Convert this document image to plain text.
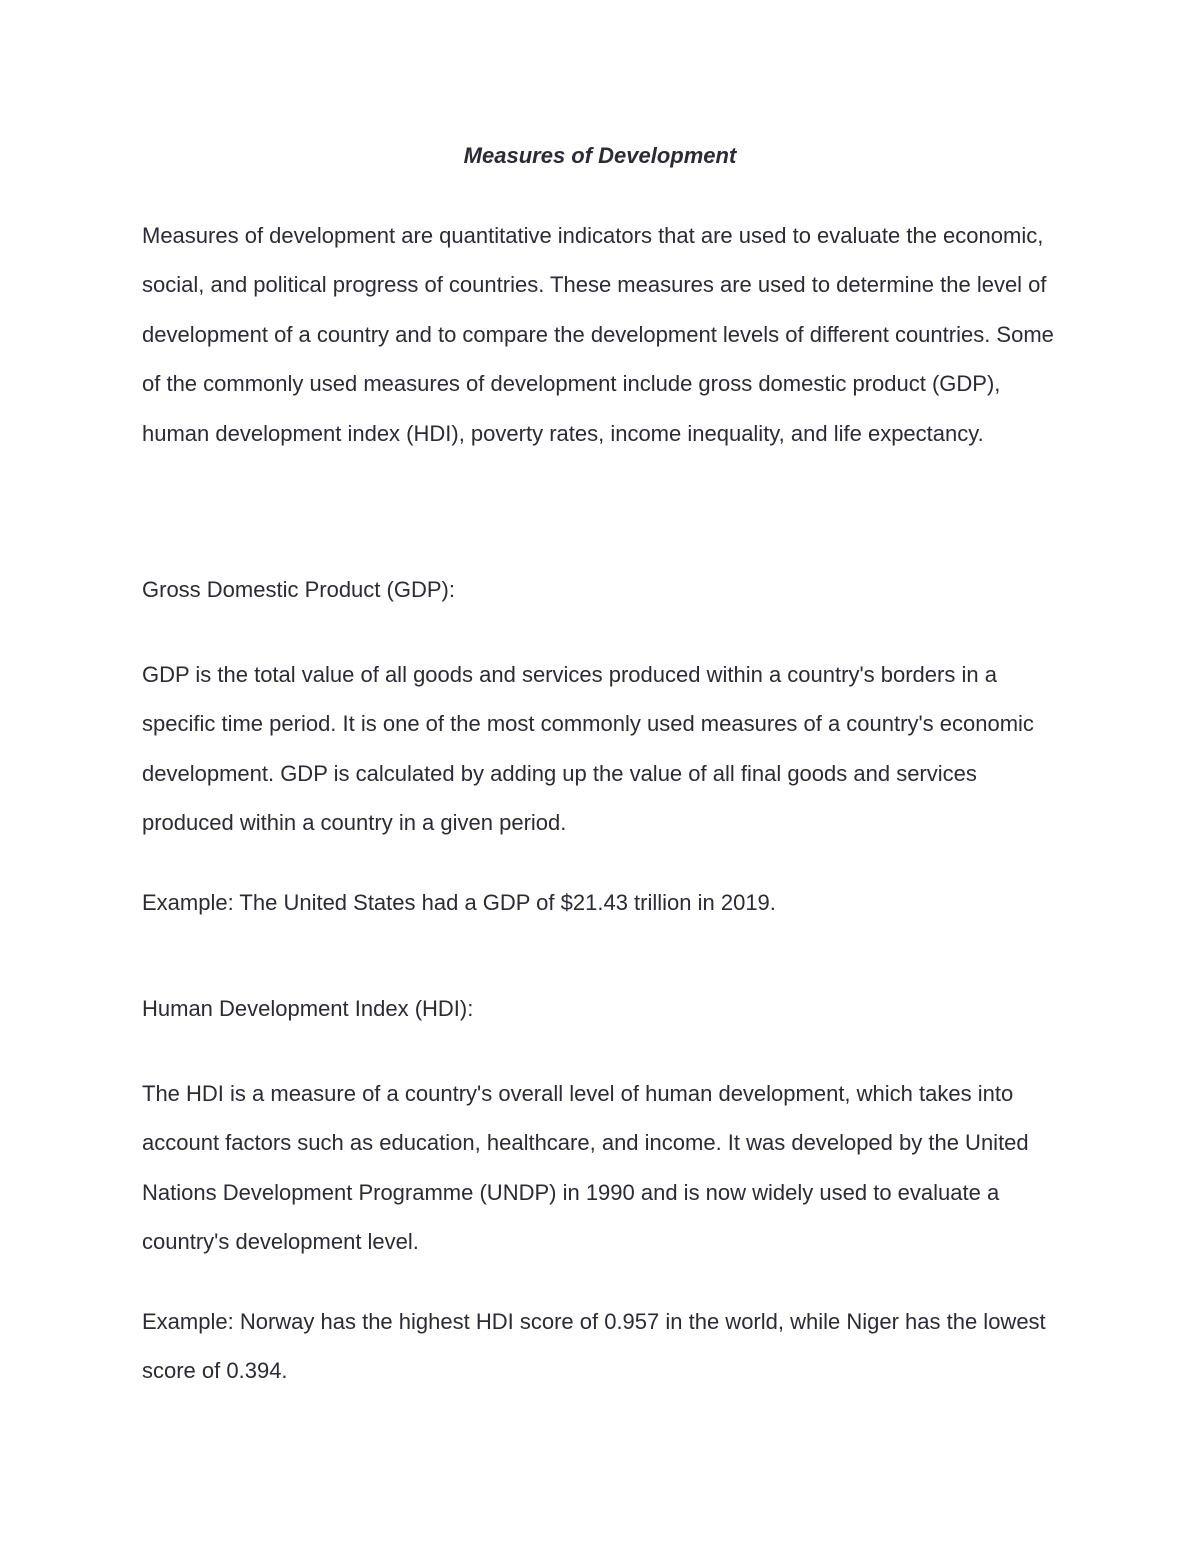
Measures of Development

Measures of development are quantitative indicators that are used to evaluate the economic, social, and political progress of countries. These measures are used to determine the level of development of a country and to compare the development levels of different countries. Some of the commonly used measures of development include gross domestic product (GDP), human development index (HDI), poverty rates, income inequality, and life expectancy.

Gross Domestic Product (GDP):

GDP is the total value of all goods and services produced within a country's borders in a specific time period. It is one of the most commonly used measures of a country's economic development. GDP is calculated by adding up the value of all final goods and services produced within a country in a given period.

Example: The United States had a GDP of $21.43 trillion in 2019.

Human Development Index (HDI):

The HDI is a measure of a country's overall level of human development, which takes into account factors such as education, healthcare, and income. It was developed by the United Nations Development Programme (UNDP) in 1990 and is now widely used to evaluate a country's development level.

Example: Norway has the highest HDI score of 0.957 in the world, while Niger has the lowest score of 0.394.
